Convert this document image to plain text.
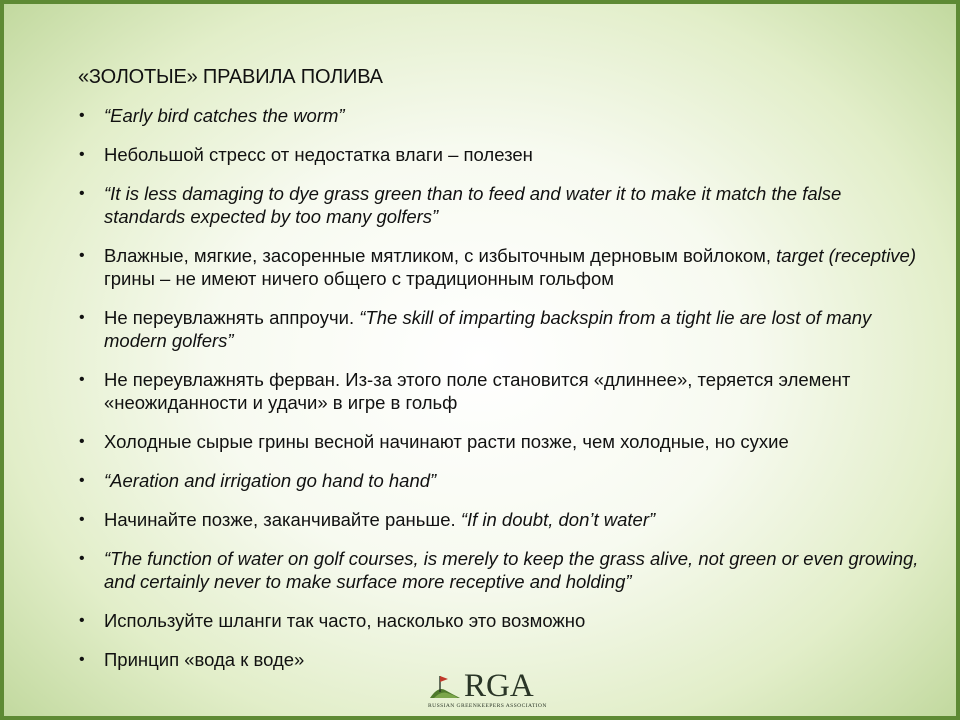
«ЗОЛОТЫЕ» ПРАВИЛА ПОЛИВА
• “Early bird catches the worm”
• Небольшой стресс от недостатка влаги – полезен
• “It is less damaging to dye grass green than to feed and water it to make it match the false standards expected by too many golfers”
• Влажные, мягкие, засоренные мятликом, с избыточным дерновым войлоком, target (receptive) грины – не имеют ничего общего с традиционным гольфом
• Не переувлажнять аппроучи. “The skill of imparting backspin from a tight lie are lost of many modern golfers”
• Не переувлажнять ферван. Из-за этого поле становится «длиннее», теряется элемент «неожиданности и удачи» в игре в гольф
• Холодные сырые грины весной начинают расти позже, чем холодные, но сухие
• “Aeration and irrigation go hand to hand”
• Начинайте позже, заканчивайте раньше. “If in doubt, don’t water”
• “The function of water on golf courses, is merely to keep the grass alive, not green or even growing, and certainly never to make surface more receptive and holding”
• Используйте шланги так часто, насколько это возможно
• Принцип «вода к воде»
RGA
RUSSIAN GREENKEEPERS ASSOCIATION
